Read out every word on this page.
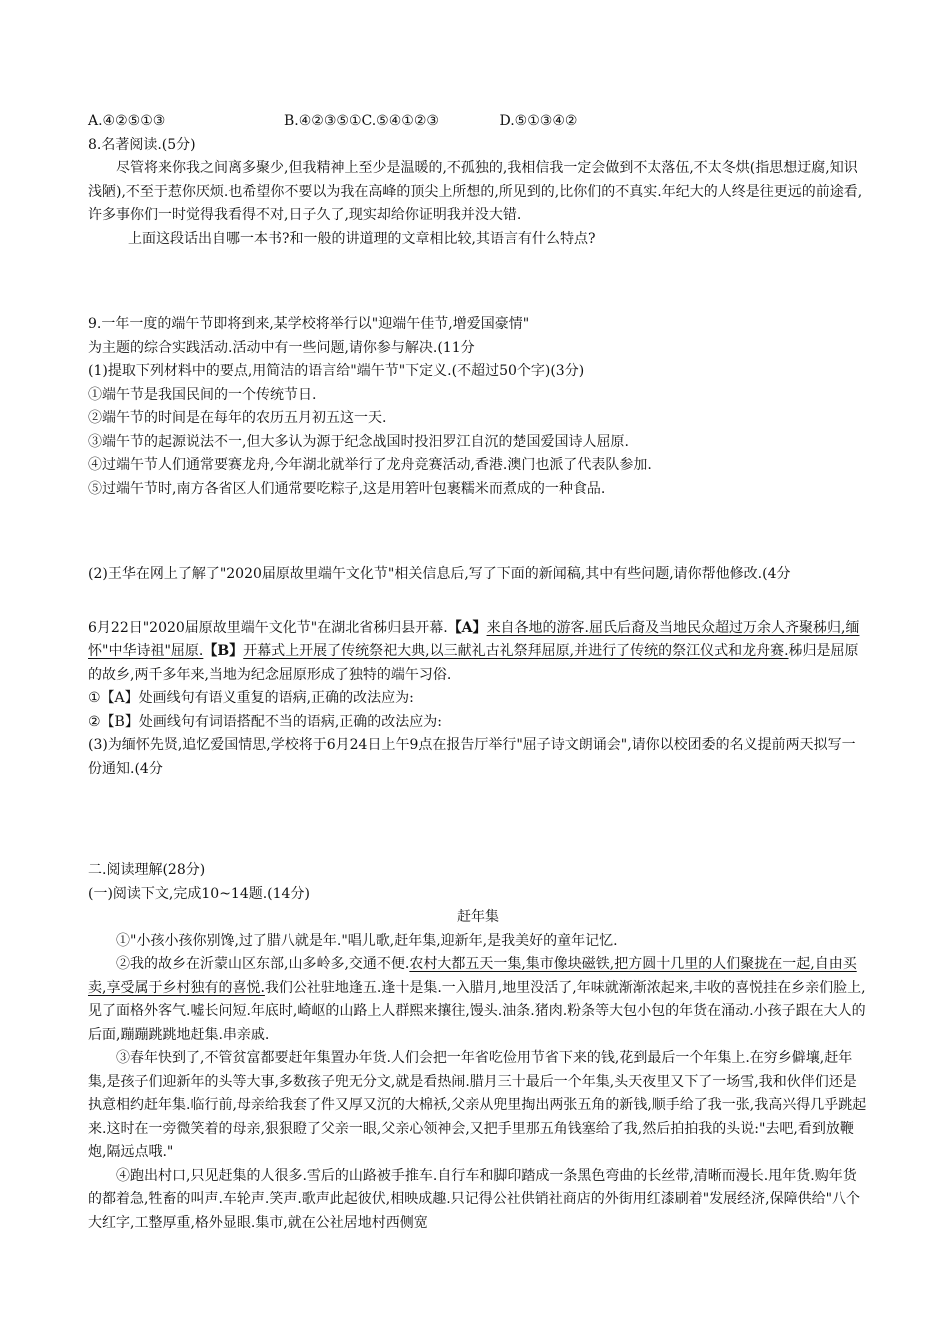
A.④②⑤①③	B.④②③⑤①C.⑤④①②③	D.⑤①③④②
8.名著阅读.(5分)
尽管将来你我之间离多聚少,但我精神上至少是温暖的,不孤独的,我相信我一定会做到不太落伍,不太冬烘(指思想迂腐,知识浅陋),不至于惹你厌烦.也希望你不要以为我在高峰的顶尖上所想的,所见到的,比你们的不真实.年纪大的人终是往更远的前途看,许多事你们一时觉得我看得不对,日子久了,现实却给你证明我并没大错.
上面这段话出自哪一本书?和一般的讲道理的文章相比较,其语言有什么特点?
9.一年一度的端午节即将到来,某学校将举行以"迎端午佳节,增爱国豪情"
为主题的综合实践活动.活动中有一些问题,请你参与解决.(11分
(1)提取下列材料中的要点,用简洁的语言给"端午节"下定义.(不超过50个字)(3分)
①端午节是我国民间的一个传统节日.
②端午节的时间是在每年的农历五月初五这一天.
③端午节的起源说法不一,但大多认为源于纪念战国时投汨罗江自沉的楚国爱国诗人屈原.
④过端午节人们通常要赛龙舟,今年湖北就举行了龙舟竞赛活动,香港.澳门也派了代表队参加.
⑤过端午节时,南方各省区人们通常要吃粽子,这是用箬叶包裹糯米而煮成的一种食品.
(2)王华在网上了解了"2020届原故里端午文化节"相关信息后,写了下面的新闻稿,其中有些问题,请你帮他修改.(4分
6月22日"2020届原故里端午文化节"在湖北省秭归县开幕.【A】来自各地的游客.屈氏后裔及当地民众超过万余人齐聚秭归,缅怀"中华诗祖"屈原.【B】开幕式上开展了传统祭祀大典,以三献礼古礼祭拜屈原,并进行了传统的祭江仪式和龙舟赛.秭归是屈原的故乡,两千多年来,当地为纪念屈原形成了独特的端午习俗.
①【A】处画线句有语义重复的语病,正确的改法应为:
②【B】处画线句有词语搭配不当的语病,正确的改法应为:
(3)为缅怀先贤,追忆爱国情思,学校将于6月24日上午9点在报告厅举行"屈子诗文朗诵会",请你以校团委的名义提前两天拟写一份通知.(4分
二.阅读理解(28分)
(一)阅读下文,完成10~14题.(14分)
赶年集
①"小孩小孩你别馋,过了腊八就是年."唱儿歌,赶年集,迎新年,是我美好的童年记忆.
②我的故乡在沂蒙山区东部,山多岭多,交通不便.农村大都五天一集,集市像块磁铁,把方圆十几里的人们聚拢在一起,自由买卖,享受属于乡村独有的喜悦.我们公社驻地逢五.逢十是集.一入腊月,地里没活了,年味就渐渐浓起来,丰收的喜悦挂在乡亲们脸上,见了面格外客气.嘘长问短.年底时,崎岖的山路上人群熙来攘往,馒头.油条.猪肉.粉条等大包小包的年货在涌动.小孩子跟在大人的后面,蹦蹦跳跳地赶集.串亲戚.
③春年快到了,不管贫富都要赶年集置办年货.人们会把一年省吃俭用节省下来的钱,花到最后一个年集上.在穷乡僻壤,赶年集,是孩子们迎新年的头等大事,多数孩子兜无分文,就是看热闹.腊月三十最后一个年集,头天夜里又下了一场雪,我和伙伴们还是执意相约赶年集.临行前,母亲给我套了件又厚又沉的大棉袄,父亲从兜里掏出两张五角的新钱,顺手给了我一张,我高兴得几乎跳起来.这时在一旁微笑着的母亲,狠狠瞪了父亲一眼,父亲心领神会,又把手里那五角钱塞给了我,然后拍拍我的头说:"去吧,看到放鞭炮,隔远点哦."
④跑出村口,只见赶集的人很多.雪后的山路被手推车.自行车和脚印踏成一条黑色弯曲的长丝带,清晰而漫长.甩年货.购年货的都着急,牲畜的叫声.车轮声.笑声.歌声此起彼伏,相映成趣.只记得公社供销社商店的外街用红漆刷着"发展经济,保障供给"八个大红字,工整厚重,格外显眼.集市,就在公社居地村西侧宽
